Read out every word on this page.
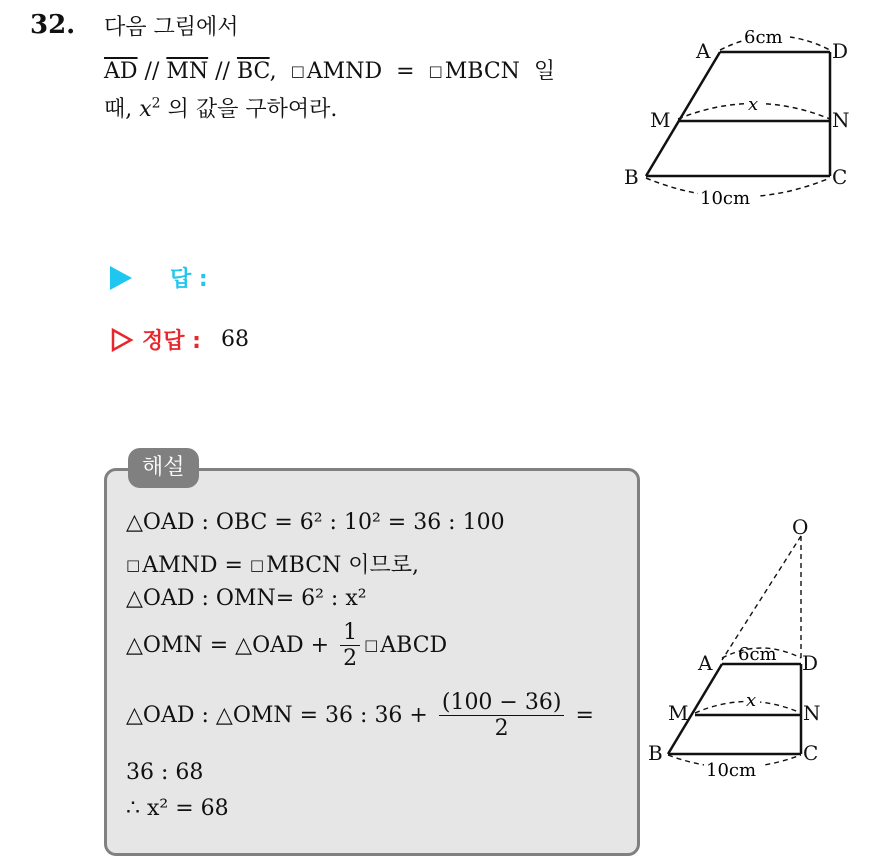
32. 다음 그림에서
$\overline{AD} // \overline{MN} // \overline{BC}$, □AMND = □MBCN 일
때, $x^2$ 의 값을 구하여라.
A	D
M	N
B	C
6cm
x
10cm
답 :
정답 : 68
해설
△OAD : OBC = 6² : 10² = 36 : 100
□AMND = □MBCN 이므로,
△OAD : OMN= 6² : x²
△OMN = △OAD + $\frac{1}{2}$ □ABCD
△OAD : △OMN = 36 : $36 + \frac{(100 - 36)}{2}$ =
36 : 68
∴ x² = 68
O
A	D
M	N
B	C
6cm
x
10cm
